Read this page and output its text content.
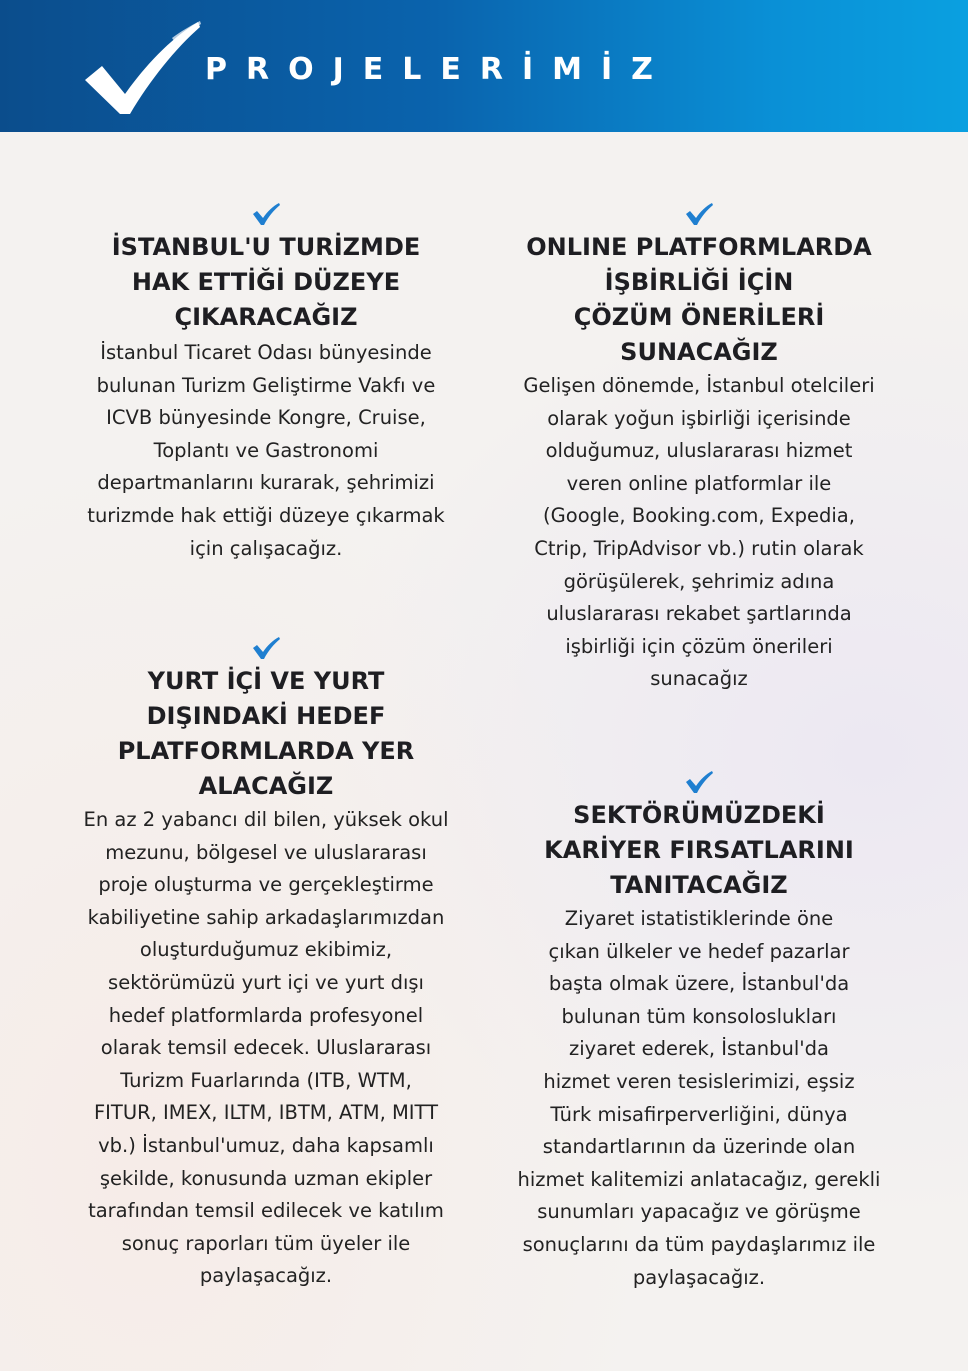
PROJELERİMİZ
İSTANBUL'U TURİZMDE
HAK ETTİĞİ DÜZEYE
ÇIKARACAĞIZ

İstanbul Ticaret Odası bünyesinde
bulunan Turizm Geliştirme Vakfı ve
ICVB bünyesinde Kongre, Cruise,
Toplantı ve Gastronomi
departmanlarını kurarak, şehrimizi
turizmde hak ettiği düzeye çıkarmak
için çalışacağız.

ONLINE PLATFORMLARDA
İŞBİRLİĞİ İÇİN
ÇÖZÜM ÖNERİLERİ
SUNACAĞIZ

Gelişen dönemde, İstanbul otelcileri
olarak yoğun işbirliği içerisinde
olduğumuz, uluslararası hizmet
veren online platformlar ile
(Google, Booking.com, Expedia,
Ctrip, TripAdvisor vb.) rutin olarak
görüşülerek, şehrimiz adına
uluslararası rekabet şartlarında
işbirliği için çözüm önerileri
sunacağız

YURT İÇİ VE YURT
DIŞINDAKİ HEDEF
PLATFORMLARDA YER
ALACAĞIZ

En az 2 yabancı dil bilen, yüksek okul
mezunu, bölgesel ve uluslararası
proje oluşturma ve gerçekleştirme
kabiliyetine sahip arkadaşlarımızdan
oluşturduğumuz ekibimiz,
sektörümüzü yurt içi ve yurt dışı
hedef platformlarda profesyonel
olarak temsil edecek. Uluslararası
Turizm Fuarlarında (ITB, WTM,
FITUR, IMEX, ILTM, IBTM, ATM, MITT
vb.) İstanbul'umuz, daha kapsamlı
şekilde, konusunda uzman ekipler
tarafından temsil edilecek ve katılım
sonuç raporları tüm üyeler ile
paylaşacağız.

SEKTÖRÜMÜZDEKİ
KARİYER FIRSATLARINI
TANITACAĞIZ

Ziyaret istatistiklerinde öne
çıkan ülkeler ve hedef pazarlar
başta olmak üzere, İstanbul'da
bulunan tüm konsoloslukları
ziyaret ederek, İstanbul'da
hizmet veren tesislerimizi, eşsiz
Türk misafirperverliğini, dünya
standartlarının da üzerinde olan
hizmet kalitemizi anlatacağız, gerekli
sunumları yapacağız ve görüşme
sonuçlarını da tüm paydaşlarımız ile
paylaşacağız.
